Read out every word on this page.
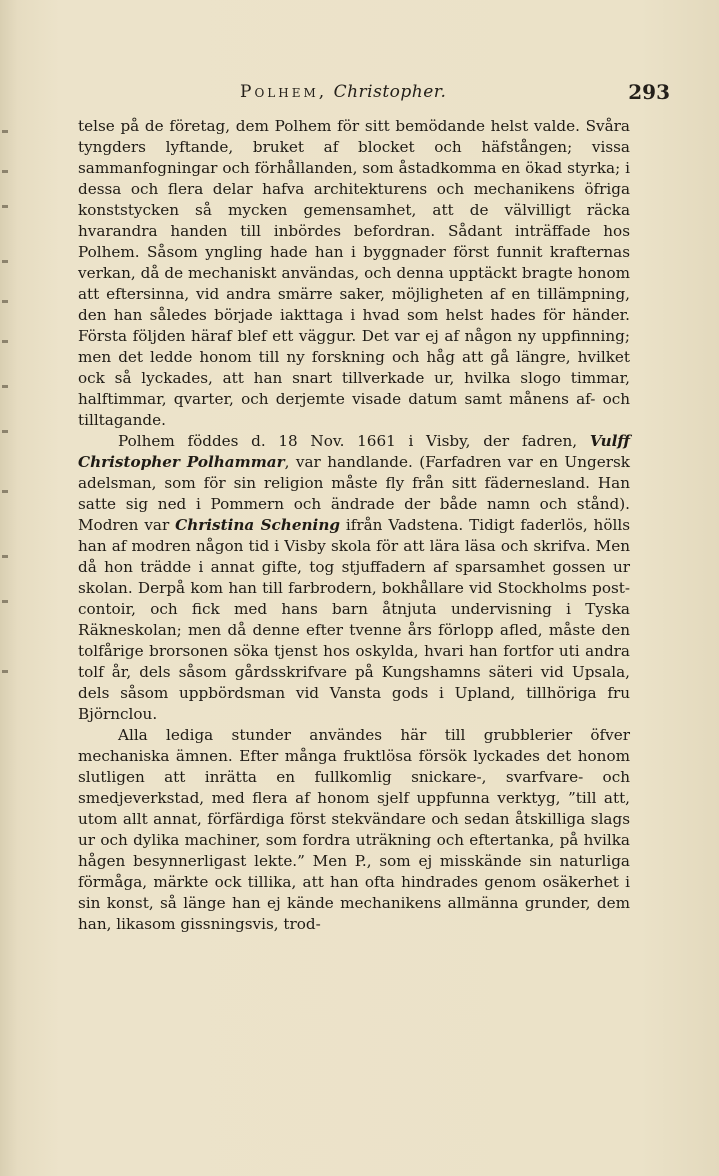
Polhem, Christopher.	293

telse på de företag, dem Polhem för sitt bemödande helst valde. Svåra tyngders lyftande, bruket af blocket och häfstången; vissa sammanfogningar och förhållanden, som åstadkomma en ökad styrka; i dessa och flera delar hafva architekturens och mechanikens öfriga konststycken så mycken gemensamhet, att de välvilligt räcka hvarandra handen till inbördes befordran. Sådant inträffade hos Polhem. Såsom yngling hade han i byggnader först funnit krafternas verkan, då de mechaniskt användas, och denna upptäckt bragte honom att eftersinna, vid andra smärre saker, möjligheten af en tillämpning, den han således började iakttaga i hvad som helst hades för händer. Första följden häraf blef ett väggur. Det var ej af någon ny uppfinning; men det ledde honom till ny forskning och håg att gå längre, hvilket ock så lyckades, att han snart tillverkade ur, hvilka slogo timmar, halftimmar, qvarter, och derjemte visade datum samt månens af- och tilltagande.

Polhem föddes d. 18 Nov. 1661 i Visby, der fadren, Vulff Christopher Polhammar, var handlande. (Farfadren var en Ungersk adelsman, som för sin religion måste fly från sitt fädernesland. Han satte sig ned i Pommern och ändrade der både namn och stånd). Modren var Christina Schening ifrån Vadstena. Tidigt faderlös, hölls han af modren någon tid i Visby skola för att lära läsa och skrifva. Men då hon trädde i annat gifte, tog stjuffadern af sparsamhet gossen ur skolan. Derpå kom han till farbrodern, bokhållare vid Stockholms post-contoir, och fick med hans barn åtnjuta undervisning i Tyska Räkneskolan; men då denne efter tvenne års förlopp afled, måste den tolfårige brorsonen söka tjenst hos oskylda, hvari han fortfor uti andra tolf år, dels såsom gårdsskrifvare på Kungshamns säteri vid Upsala, dels såsom uppbördsman vid Vansta gods i Upland, tillhöriga fru Björnclou.

Alla lediga stunder användes här till grubblerier öfver mechaniska ämnen. Efter många fruktlösa försök lyckades det honom slutligen att inrätta en fullkomlig snickare-, svarfvare- och smedjeverkstad, med flera af honom sjelf uppfunna verktyg, ”till att, utom allt annat, förfärdiga först stekvändare och sedan åtskilliga slags ur och dylika machiner, som fordra uträkning och eftertanka, på hvilka hågen besynnerligast lekte.” Men P., som ej misskände sin naturliga förmåga, märkte ock tillika, att han ofta hindrades genom osäkerhet i sin konst, så länge han ej kände mechanikens allmänna grunder, dem han, likasom gissningsvis, trod-
